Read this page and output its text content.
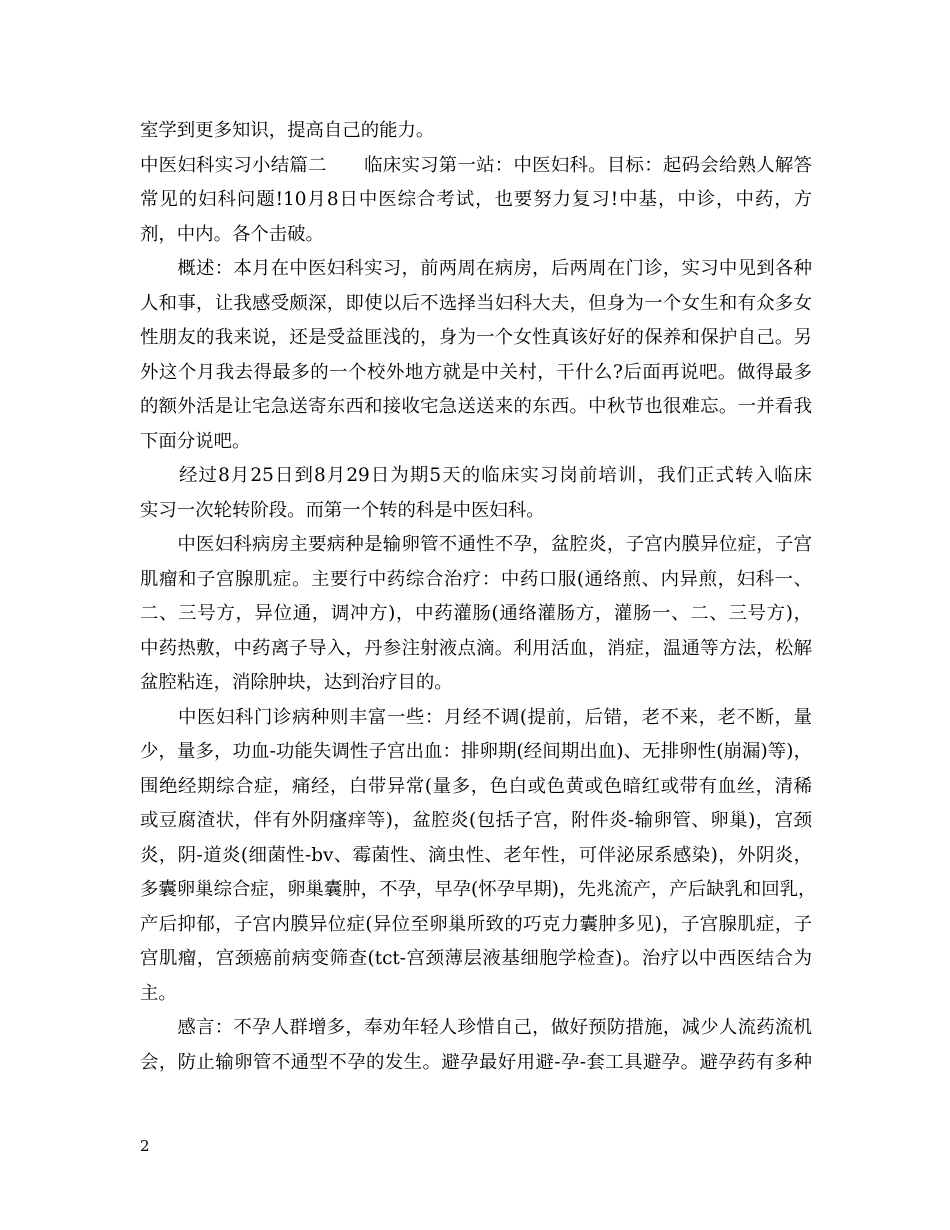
室学到更多知识，提高自己的能力。
中医妇科实习小结篇二　　临床实习第一站：中医妇科。目标：起码会给熟人解答
常见的妇科问题!10月8日中医综合考试，也要努力复习!中基，中诊，中药，方
剂，中内。各个击破。
　　概述：本月在中医妇科实习，前两周在病房，后两周在门诊，实习中见到各种
人和事，让我感受颇深，即使以后不选择当妇科大夫，但身为一个女生和有众多女
性朋友的我来说，还是受益匪浅的，身为一个女性真该好好的保养和保护自己。另
外这个月我去得最多的一个校外地方就是中关村，干什么?后面再说吧。做得最多
的额外活是让宅急送寄东西和接收宅急送送来的东西。中秋节也很难忘。一并看我
下面分说吧。
　　经过8月25日到8月29日为期5天的临床实习岗前培训，我们正式转入临床
实习一次轮转阶段。而第一个转的科是中医妇科。
　　中医妇科病房主要病种是输卵管不通性不孕，盆腔炎，子宫内膜异位症，子宫
肌瘤和子宫腺肌症。主要行中药综合治疗：中药口服(通络煎、内异煎，妇科一、
二、三号方，异位通，调冲方)，中药灌肠(通络灌肠方，灌肠一、二、三号方)，
中药热敷，中药离子导入，丹参注射液点滴。利用活血，消症，温通等方法，松解
盆腔粘连，消除肿块，达到治疗目的。
　　中医妇科门诊病种则丰富一些：月经不调(提前，后错，老不来，老不断，量
少，量多，功血-功能失调性子宫出血：排卵期(经间期出血)、无排卵性(崩漏)等)，
围绝经期综合症，痛经，白带异常(量多，色白或色黄或色暗红或带有血丝，清稀
或豆腐渣状，伴有外阴瘙痒等)，盆腔炎(包括子宫，附件炎-输卵管、卵巢)，宫颈
炎，阴-道炎(细菌性-bv、霉菌性、滴虫性、老年性，可伴泌尿系感染)，外阴炎，
多囊卵巢综合症，卵巢囊肿，不孕，早孕(怀孕早期)，先兆流产，产后缺乳和回乳，
产后抑郁，子宫内膜异位症(异位至卵巢所致的巧克力囊肿多见)，子宫腺肌症，子
宫肌瘤，宫颈癌前病变筛查(tct-宫颈薄层液基细胞学检查)。治疗以中西医结合为
主。
　　感言：不孕人群增多，奉劝年轻人珍惜自己，做好预防措施，减少人流药流机
会，防止输卵管不通型不孕的发生。避孕最好用避-孕-套工具避孕。避孕药有多种
2
